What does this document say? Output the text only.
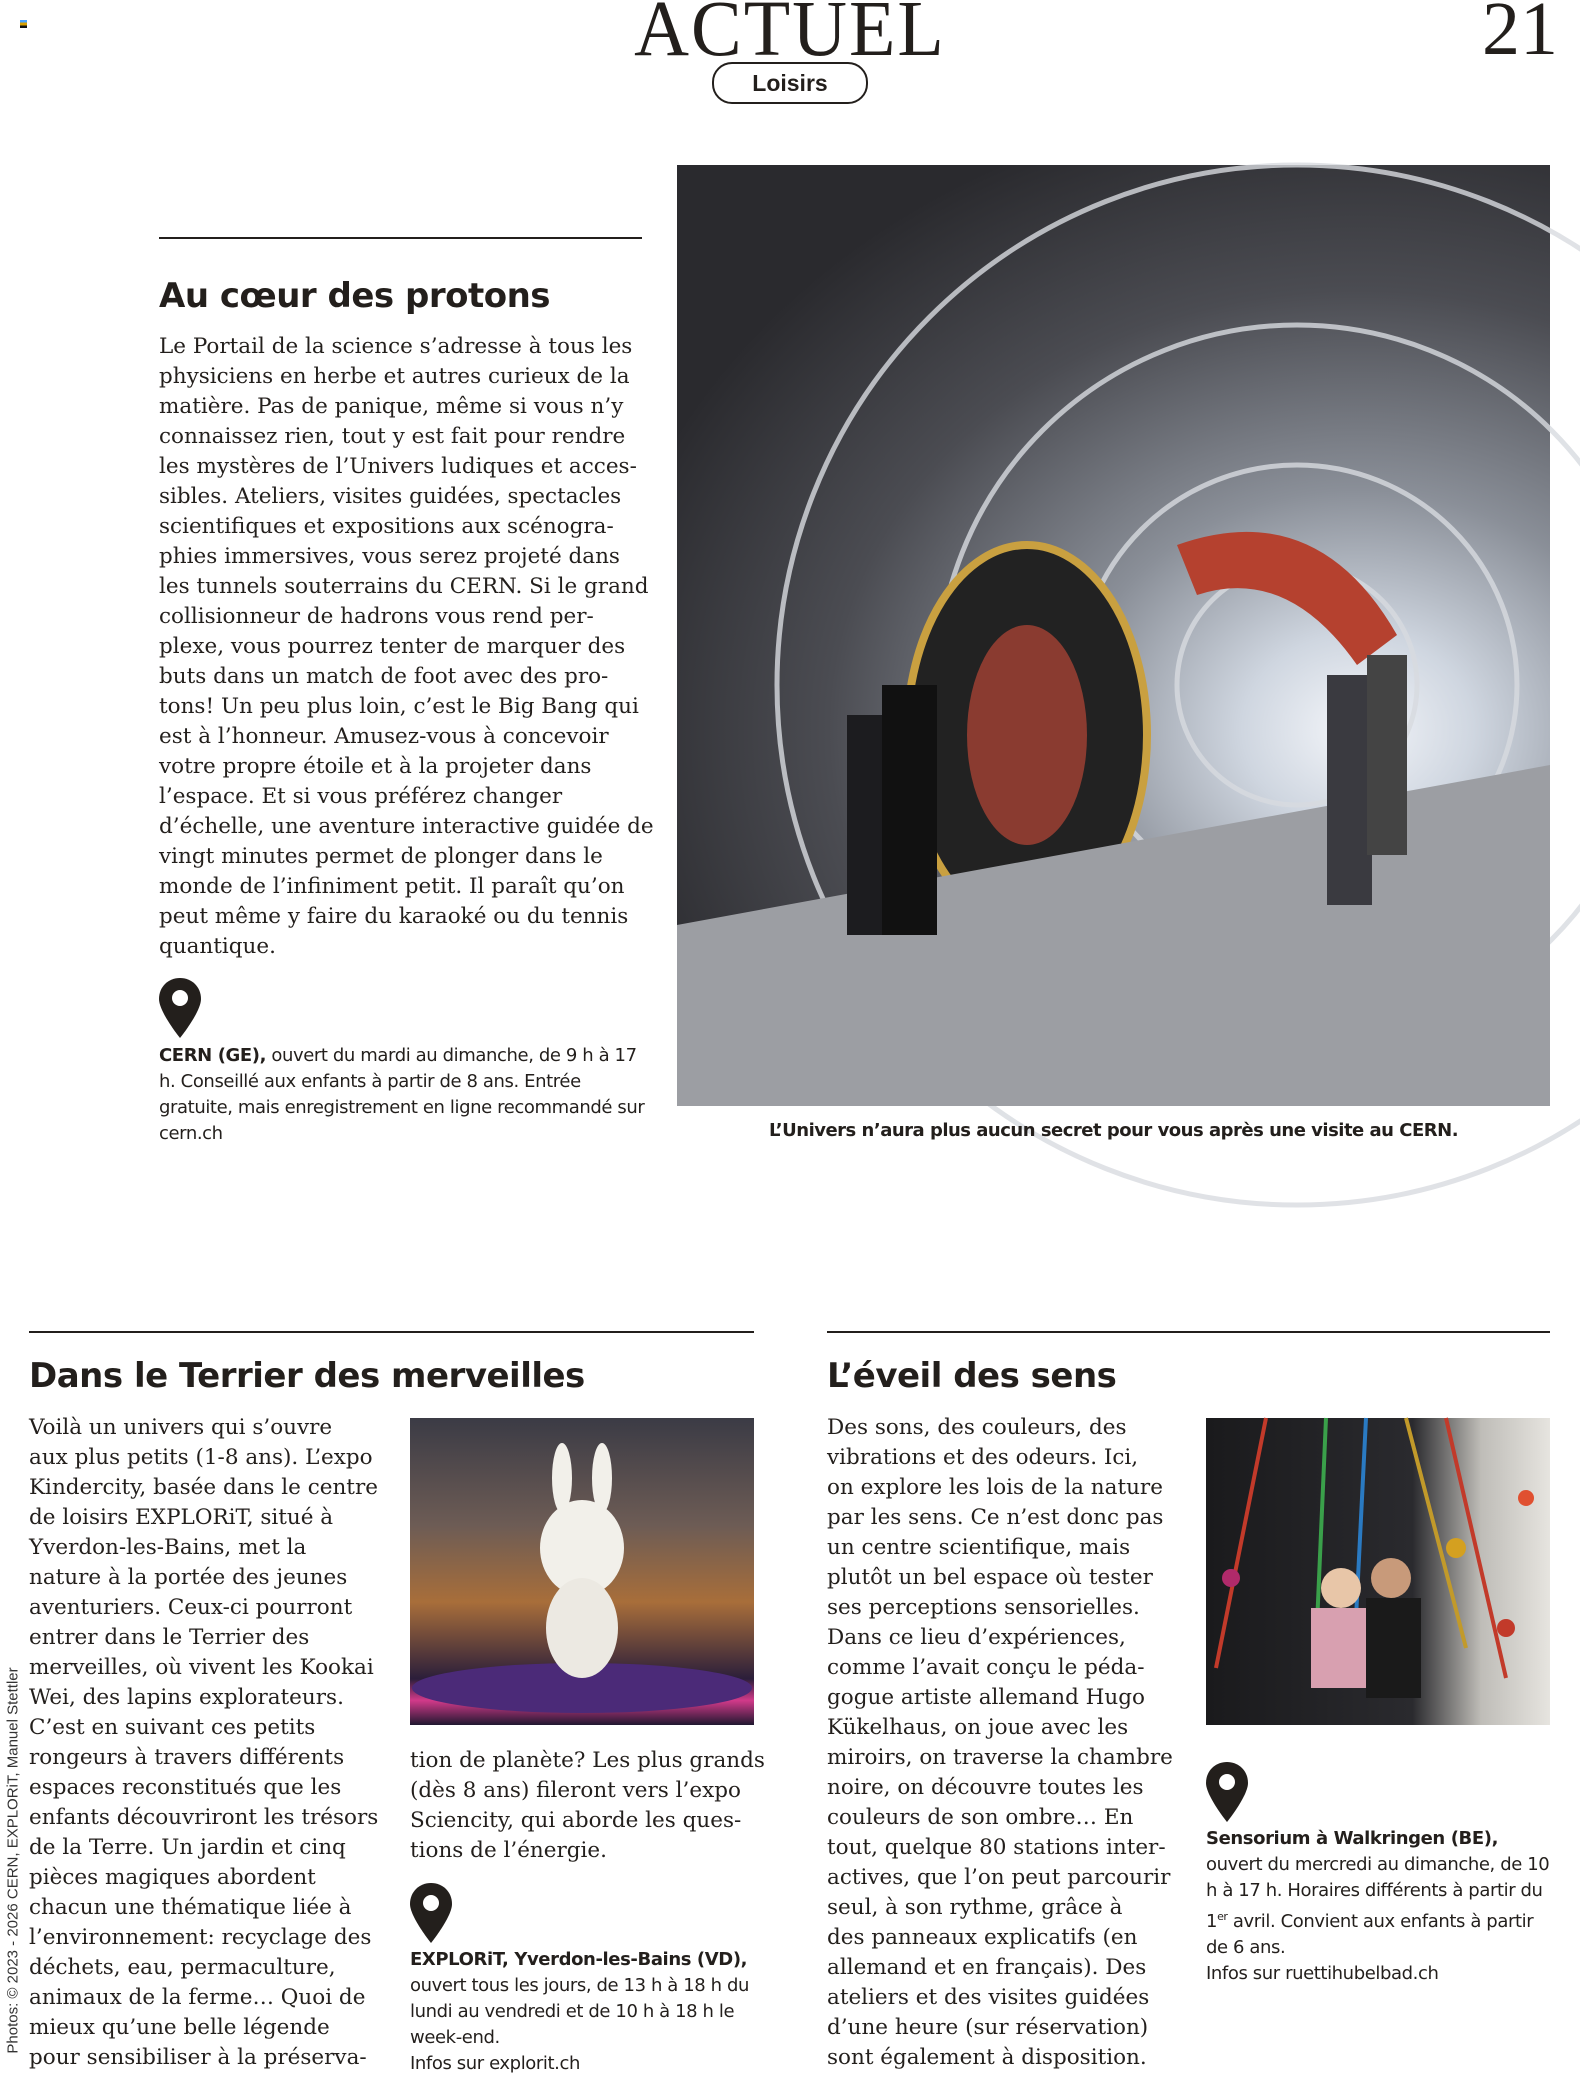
ACTUEL	21
Loisirs
Photos: © 2023 - 2026 CERN, EXPLORiT, Manuel Stettler
Au cœur des protons
Le Portail de la science s’adresse à tous les
physiciens en herbe et autres curieux de la
matière. Pas de panique, même si vous n’y
connaissez rien, tout y est fait pour rendre
les mystères de l’Univers ludiques et acces-
sibles. Ateliers, visites guidées, spectacles
scientifiques et expositions aux scénogra-
phies immersives, vous serez projeté dans
les tunnels souterrains du CERN. Si le grand
collisionneur de hadrons vous rend per-
plexe, vous pourrez tenter de marquer des
buts dans un match de foot avec des pro-
tons! Un peu plus loin, c’est le Big Bang qui
est à l’honneur. Amusez-vous à concevoir
votre propre étoile et à la projeter dans
l’espace. Et si vous préférez changer
d’échelle, une aventure interactive guidée de
vingt minutes permet de plonger dans le
monde de l’infiniment petit. Il paraît qu’on
peut même y faire du karaoké ou du tennis
quantique.
CERN (GE), ouvert du mardi au dimanche, de 9 h à 17 h. Conseillé aux enfants à partir de 8 ans. Entrée gratuite, mais enregistrement en ligne recommandé sur cern.ch	L’Univers n’aura plus aucun secret pour vous après une visite au CERN.
Dans le Terrier des merveilles
Voilà un univers qui s’ouvre
aux plus petits (1-8 ans). L’expo
Kindercity, basée dans le centre
de loisirs EXPLORiT, situé à
Yverdon-les-Bains, met la
nature à la portée des jeunes
aventuriers. Ceux-ci pourront
entrer dans le Terrier des
merveilles, où vivent les Kookai
Wei, des lapins explorateurs.
C’est en suivant ces petits
rongeurs à travers différents
espaces reconstitués que les
enfants découvriront les trésors
de la Terre. Un jardin et cinq
pièces magiques abordent
chacun une thématique liée à
l’environnement: recyclage des
déchets, eau, permaculture,
animaux de la ferme… Quoi de
mieux qu’une belle légende
pour sensibiliser à la préserva-
tion de planète? Les plus grands
(dès 8 ans) fileront vers l’expo
Sciencity, qui aborde les ques-
tions de l’énergie.
EXPLORiT, Yverdon-les-Bains (VD), ouvert tous les jours, de 13 h à 18 h du lundi au vendredi et de 10 h à 18 h le week-end.
Infos sur explorit.ch
L’éveil des sens
Des sons, des couleurs, des
vibrations et des odeurs. Ici,
on explore les lois de la nature
par les sens. Ce n’est donc pas
un centre scientifique, mais
plutôt un bel espace où tester
ses perceptions sensorielles.
Dans ce lieu d’expériences,
comme l’avait conçu le péda-
gogue artiste allemand Hugo
Kükelhaus, on joue avec les
miroirs, on traverse la chambre
noire, on découvre toutes les
couleurs de son ombre… En
tout, quelque 80 stations inter-
actives, que l’on peut parcourir
seul, à son rythme, grâce à
des panneaux explicatifs (en
allemand et en français). Des
ateliers et des visites guidées
d’une heure (sur réservation)
sont également à disposition.
Sensorium à Walkringen (BE), ouvert du mercredi au dimanche, de 10 h à 17 h. Horaires différents à partir du 1er avril. Convient aux enfants à partir de 6 ans.
Infos sur ruettihubelbad.ch
